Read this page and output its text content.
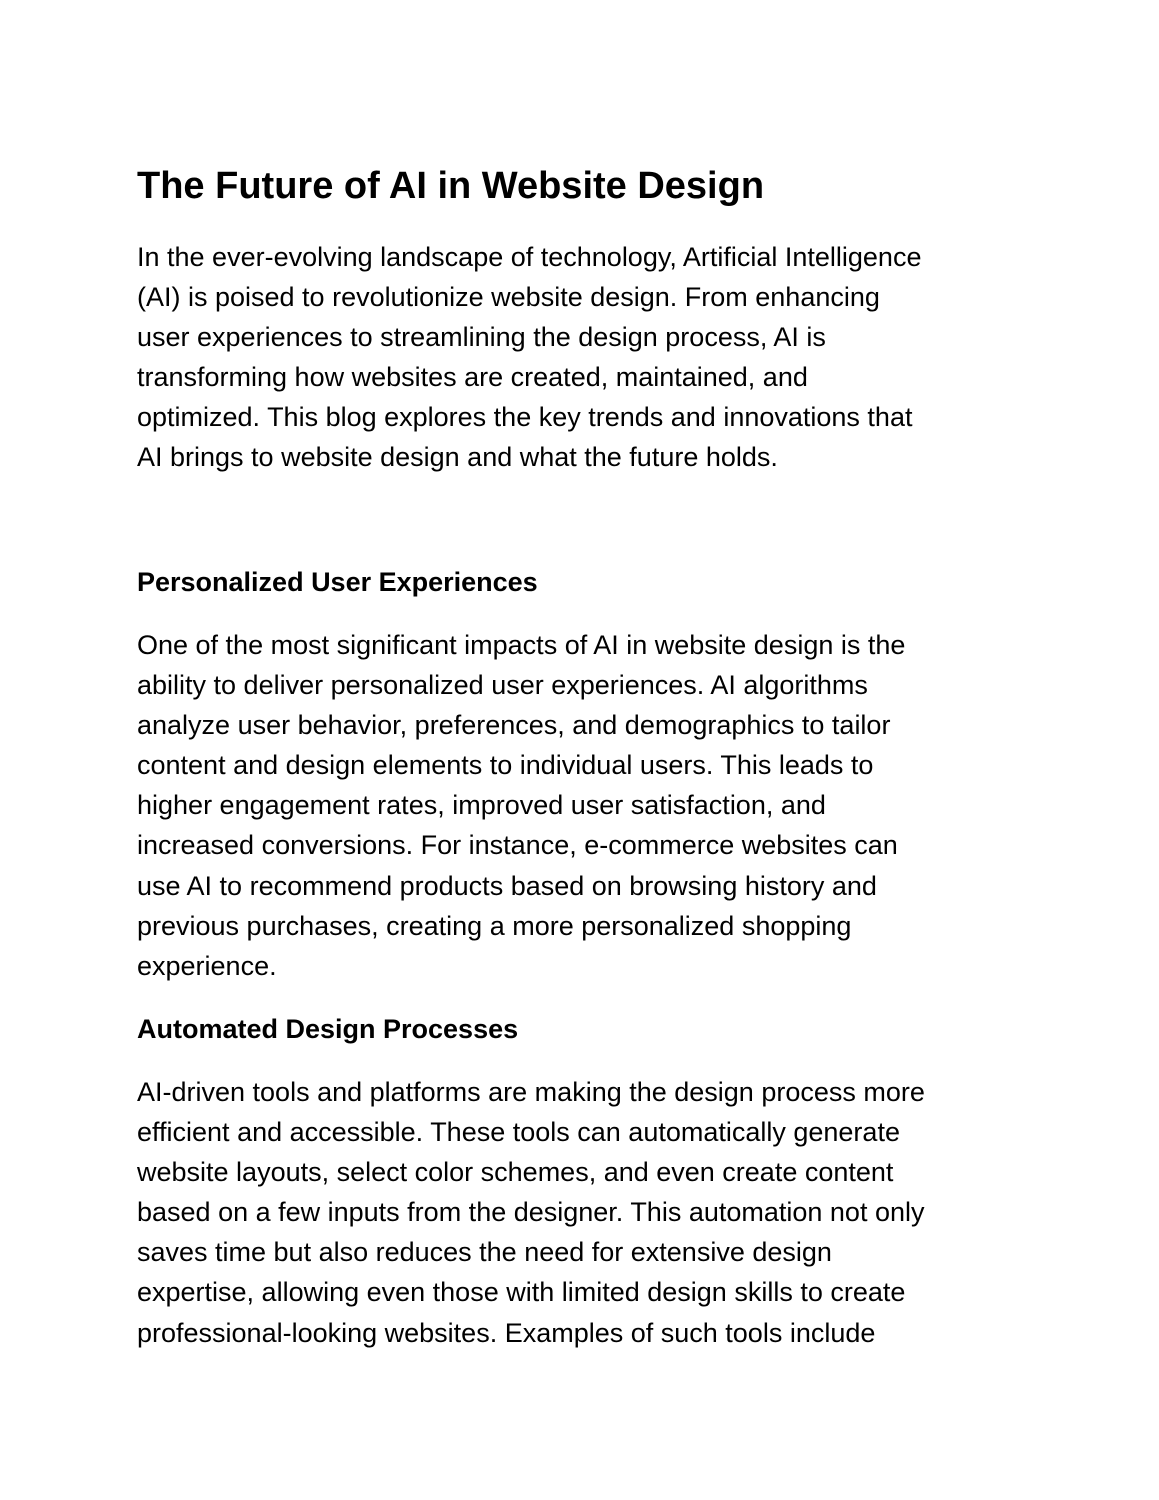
The Future of AI in Website Design

In the ever-evolving landscape of technology, Artificial Intelligence
(AI) is poised to revolutionize website design. From enhancing
user experiences to streamlining the design process, AI is
transforming how websites are created, maintained, and
optimized. This blog explores the key trends and innovations that
AI brings to website design and what the future holds.

Personalized User Experiences

One of the most significant impacts of AI in website design is the
ability to deliver personalized user experiences. AI algorithms
analyze user behavior, preferences, and demographics to tailor
content and design elements to individual users. This leads to
higher engagement rates, improved user satisfaction, and
increased conversions. For instance, e-commerce websites can
use AI to recommend products based on browsing history and
previous purchases, creating a more personalized shopping
experience.

Automated Design Processes

AI-driven tools and platforms are making the design process more
efficient and accessible. These tools can automatically generate
website layouts, select color schemes, and even create content
based on a few inputs from the designer. This automation not only
saves time but also reduces the need for extensive design
expertise, allowing even those with limited design skills to create
professional-looking websites. Examples of such tools include
